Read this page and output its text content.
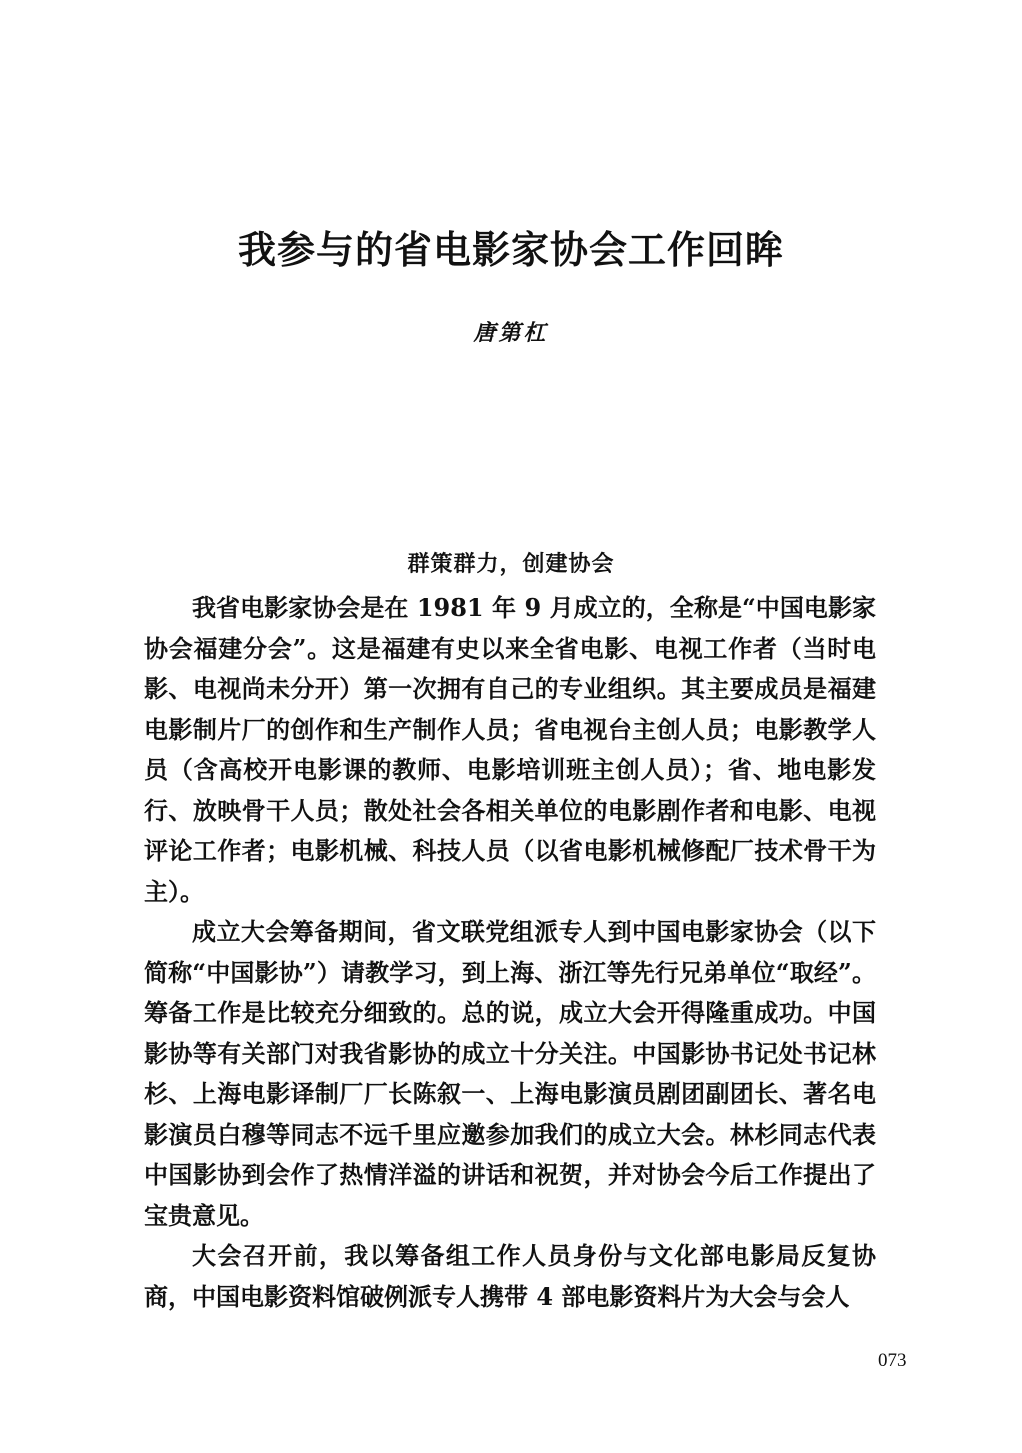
我参与的省电影家协会工作回眸
唐第杠
群策群力，创建协会

我省电影家协会是在 1981 年 9 月成立的，全称是“中国电影家协会福建分会”。这是福建有史以来全省电影、电视工作者（当时电影、电视尚未分开）第一次拥有自己的专业组织。其主要成员是福建电影制片厂的创作和生产制作人员；省电视台主创人员；电影教学人员（含高校开电影课的教师、电影培训班主创人员）；省、地电影发行、放映骨干人员；散处社会各相关单位的电影剧作者和电影、电视评论工作者；电影机械、科技人员（以省电影机械修配厂技术骨干为主）。

成立大会筹备期间，省文联党组派专人到中国电影家协会（以下简称“中国影协”）请教学习，到上海、浙江等先行兄弟单位“取经”。筹备工作是比较充分细致的。总的说，成立大会开得隆重成功。中国影协等有关部门对我省影协的成立十分关注。中国影协书记处书记林杉、上海电影译制厂厂长陈叙一、上海电影演员剧团副团长、著名电影演员白穆等同志不远千里应邀参加我们的成立大会。林杉同志代表中国影协到会作了热情洋溢的讲话和祝贺，并对协会今后工作提出了宝贵意见。

大会召开前，我以筹备组工作人员身份与文化部电影局反复协商，中国电影资料馆破例派专人携带 4 部电影资料片为大会与会人

073
